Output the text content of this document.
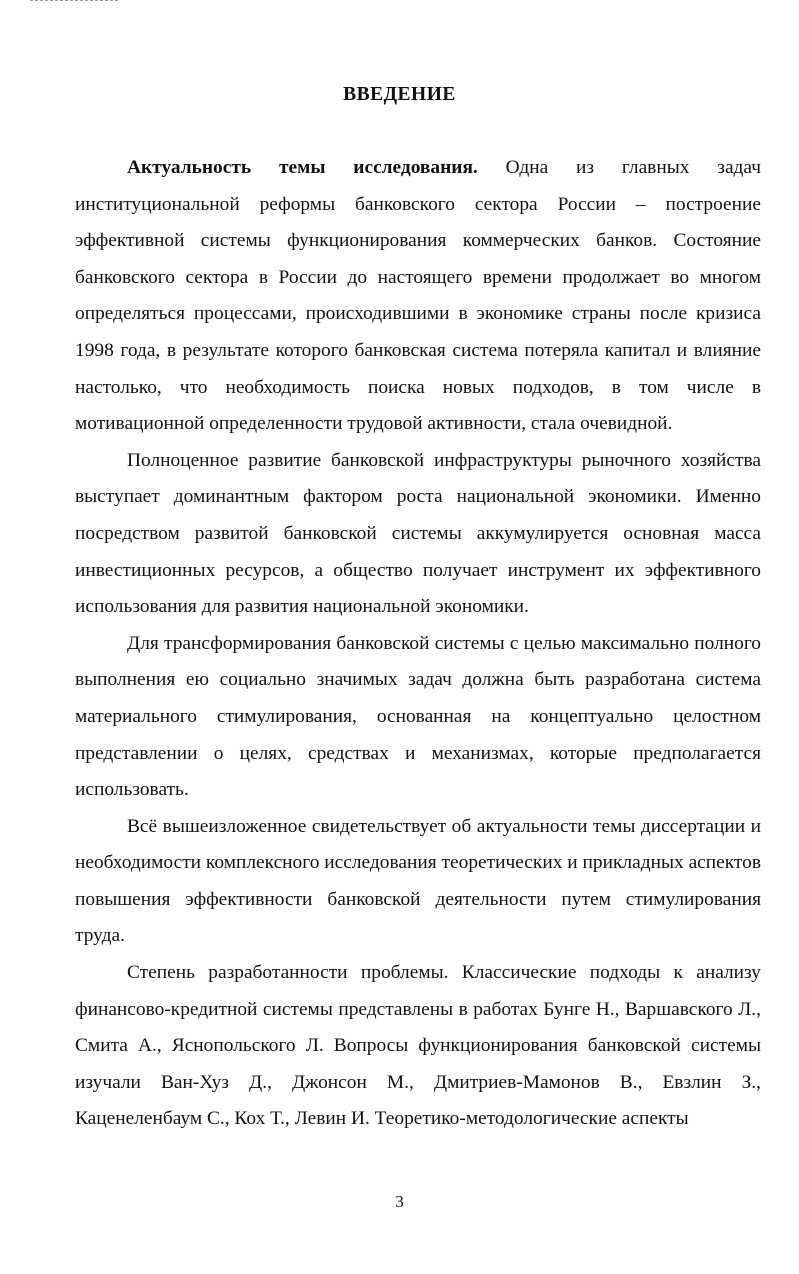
ВВЕДЕНИЕ

Актуальность темы исследования. Одна из главных задач институциональной реформы банковского сектора России – построение эффективной системы функционирования коммерческих банков. Состояние банковского сектора в России до настоящего времени продолжает во многом определяться процессами, происходившими в экономике страны после кризиса 1998 года, в результате которого банковская система потеряла капитал и влияние настолько, что необходимость поиска новых подходов, в том числе в мотивационной определенности трудовой активности, стала очевидной.

Полноценное развитие банковской инфраструктуры рыночного хозяйства выступает доминантным фактором роста национальной экономики. Именно посредством развитой банковской системы аккумулируется основная масса инвестиционных ресурсов, а общество получает инструмент их эффективного использования для развития национальной экономики.

Для трансформирования банковской системы с целью максимально полного выполнения ею социально значимых задач должна быть разработана система материального стимулирования, основанная на концептуально целостном представлении о целях, средствах и механизмах, которые предполагается использовать.

Всё вышеизложенное свидетельствует об актуальности темы диссертации и необходимости комплексного исследования теоретических и прикладных аспектов повышения эффективности банковской деятельности путем стимулирования труда.

Степень разработанности проблемы. Классические подходы к анализу финансово-кредитной системы представлены в работах Бунге Н., Варшавского Л., Смита А., Яснопольского Л. Вопросы функционирования банковской системы изучали Ван-Хуз Д., Джонсон М., Дмитриев-Мамонов В., Евзлин З., Каценеленбаум С., Кох Т., Левин И. Теоретико-методологические аспекты

3
